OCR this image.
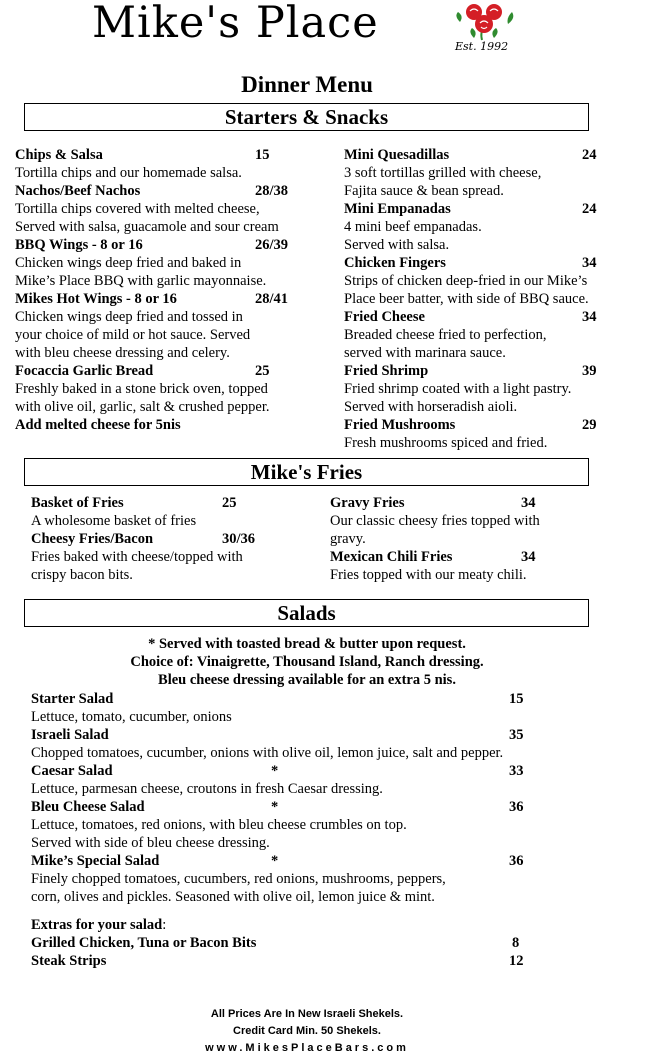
Mike's Place	Est. 1992
Dinner Menu
Starters & Snacks
Chips & Salsa	15
Tortilla chips and our homemade salsa.
Nachos/Beef Nachos	28/38
Tortilla chips covered with melted cheese,
Served with salsa, guacamole and sour cream
BBQ Wings - 8 or 16	26/39
Chicken wings deep fried and baked in
Mike’s Place BBQ with garlic mayonnaise.
Mikes Hot Wings - 8 or 16	28/41
Chicken wings deep fried and tossed in
your choice of mild or hot sauce. Served
with bleu cheese dressing and celery.
Focaccia Garlic Bread	25
Freshly baked in a stone brick oven, topped
with olive oil, garlic, salt & crushed pepper.
Add melted cheese for 5nis
Mini Quesadillas	24
3 soft tortillas grilled with cheese,
Fajita sauce & bean spread.
Mini Empanadas	24
4 mini beef empanadas.
Served with salsa.
Chicken Fingers	34
Strips of chicken deep-fried in our Mike’s
Place beer batter, with side of BBQ sauce.
Fried Cheese	34
Breaded cheese fried to perfection,
served with marinara sauce.
Fried Shrimp	39
Fried shrimp coated with a light pastry.
Served with horseradish aioli.
Fried Mushrooms	29
Fresh mushrooms spiced and fried.
Mike's Fries
Basket of Fries	25
A wholesome basket of fries
Cheesy Fries/Bacon	30/36
Fries baked with cheese/topped with
crispy bacon bits.
Gravy Fries	34
Our classic cheesy fries topped with
gravy.
Mexican Chili Fries	34
Fries topped with our meaty chili.
Salads
* Served with toasted bread & butter upon request.
Choice of: Vinaigrette, Thousand Island, Ranch dressing.
Bleu cheese dressing available for an extra 5 nis.
Starter Salad	15
Lettuce, tomato, cucumber, onions
Israeli Salad	35
Chopped tomatoes, cucumber, onions with olive oil, lemon juice, salt and pepper.
Caesar Salad	*	33
Lettuce, parmesan cheese, croutons in fresh Caesar dressing.
Bleu Cheese Salad	*	36
Lettuce, tomatoes, red onions, with bleu cheese crumbles on top.
Served with side of bleu cheese dressing.
Mike’s Special Salad	*	36
Finely chopped tomatoes, cucumbers, red onions, mushrooms, peppers,
corn, olives and pickles. Seasoned with olive oil, lemon juice & mint.
Extras for your salad:
Grilled Chicken, Tuna or Bacon Bits	8
Steak Strips	12
All Prices Are In New Israeli Shekels.
Credit Card Min. 50 Shekels.
www.MikesPlaceBars.com
